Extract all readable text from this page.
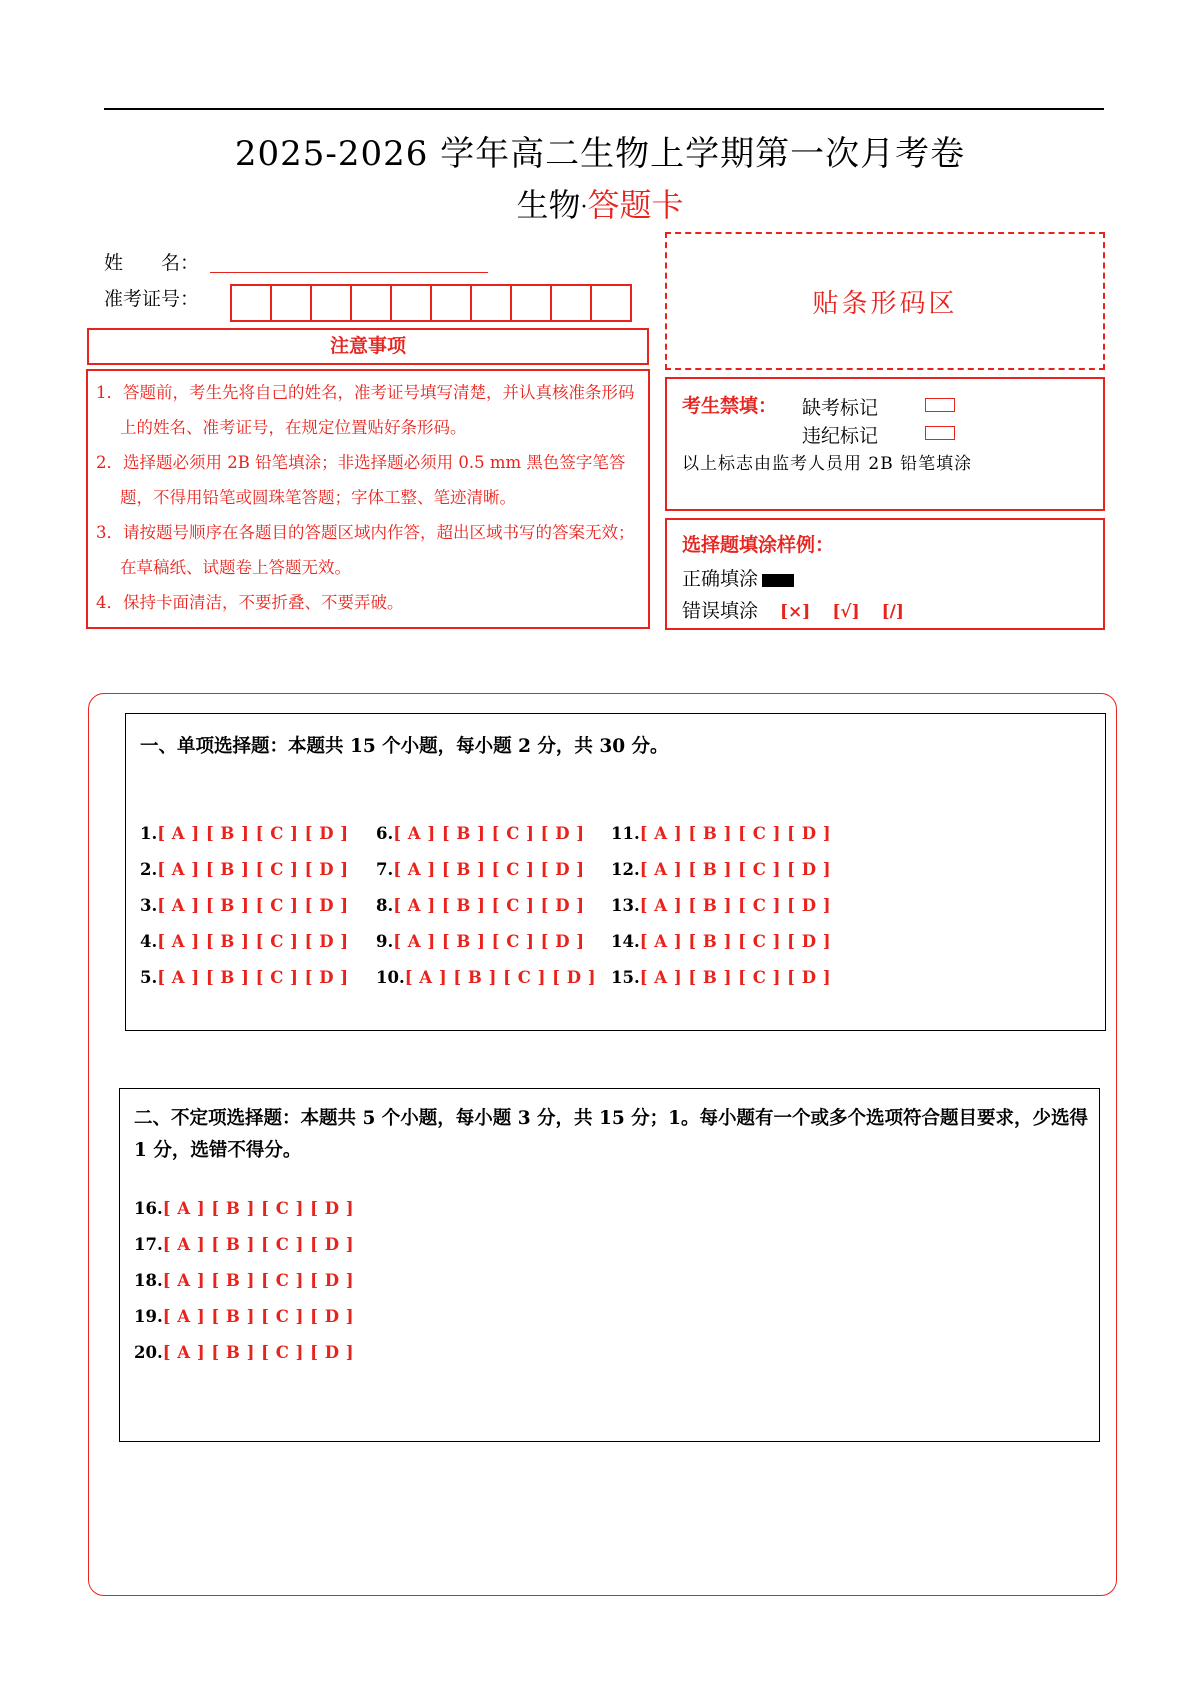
2025-2026 学年高二生物上学期第一次月考卷
生物·答题卡
姓　　名：
准考证号：	贴条形码区
注意事项
1．答题前，考生先将自己的姓名，准考证号填写清楚，并认真核准条形码上的姓名、准考证号，在规定位置贴好条形码。
2．选择题必须用 2B 铅笔填涂；非选择题必须用 0.5 mm 黑色签字笔答题，不得用铅笔或圆珠笔答题；字体工整、笔迹清晰。
3．请按题号顺序在各题目的答题区域内作答，超出区域书写的答案无效；在草稿纸、试题卷上答题无效。
4．保持卡面清洁，不要折叠、不要弄破。
考生禁填： 缺考标记
违纪标记
以上标志由监考人员用 2B 铅笔填涂
选择题填涂样例：
正确填涂
错误填涂 [×] [√] [/]
一、单项选择题：本题共 15 个小题，每小题 2 分，共 30 分。
1.[ A ] [ B ] [ C ] [ D ]
2.[ A ] [ B ] [ C ] [ D ]
3.[ A ] [ B ] [ C ] [ D ]
4.[ A ] [ B ] [ C ] [ D ]
5.[ A ] [ B ] [ C ] [ D ]
6.[ A ] [ B ] [ C ] [ D ]
7.[ A ] [ B ] [ C ] [ D ]
8.[ A ] [ B ] [ C ] [ D ]
9.[ A ] [ B ] [ C ] [ D ]
10.[ A ] [ B ] [ C ] [ D ]
11.[ A ] [ B ] [ C ] [ D ]
12.[ A ] [ B ] [ C ] [ D ]
13.[ A ] [ B ] [ C ] [ D ]
14.[ A ] [ B ] [ C ] [ D ]
15.[ A ] [ B ] [ C ] [ D ]
二、不定项选择题：本题共 5 个小题，每小题 3 分，共 15 分；1。每小题有一个或多个选项符合题目要求，少选得 1 分，选错不得分。
16.[ A ] [ B ] [ C ] [ D ]
17.[ A ] [ B ] [ C ] [ D ]
18.[ A ] [ B ] [ C ] [ D ]
19.[ A ] [ B ] [ C ] [ D ]
20.[ A ] [ B ] [ C ] [ D ]
